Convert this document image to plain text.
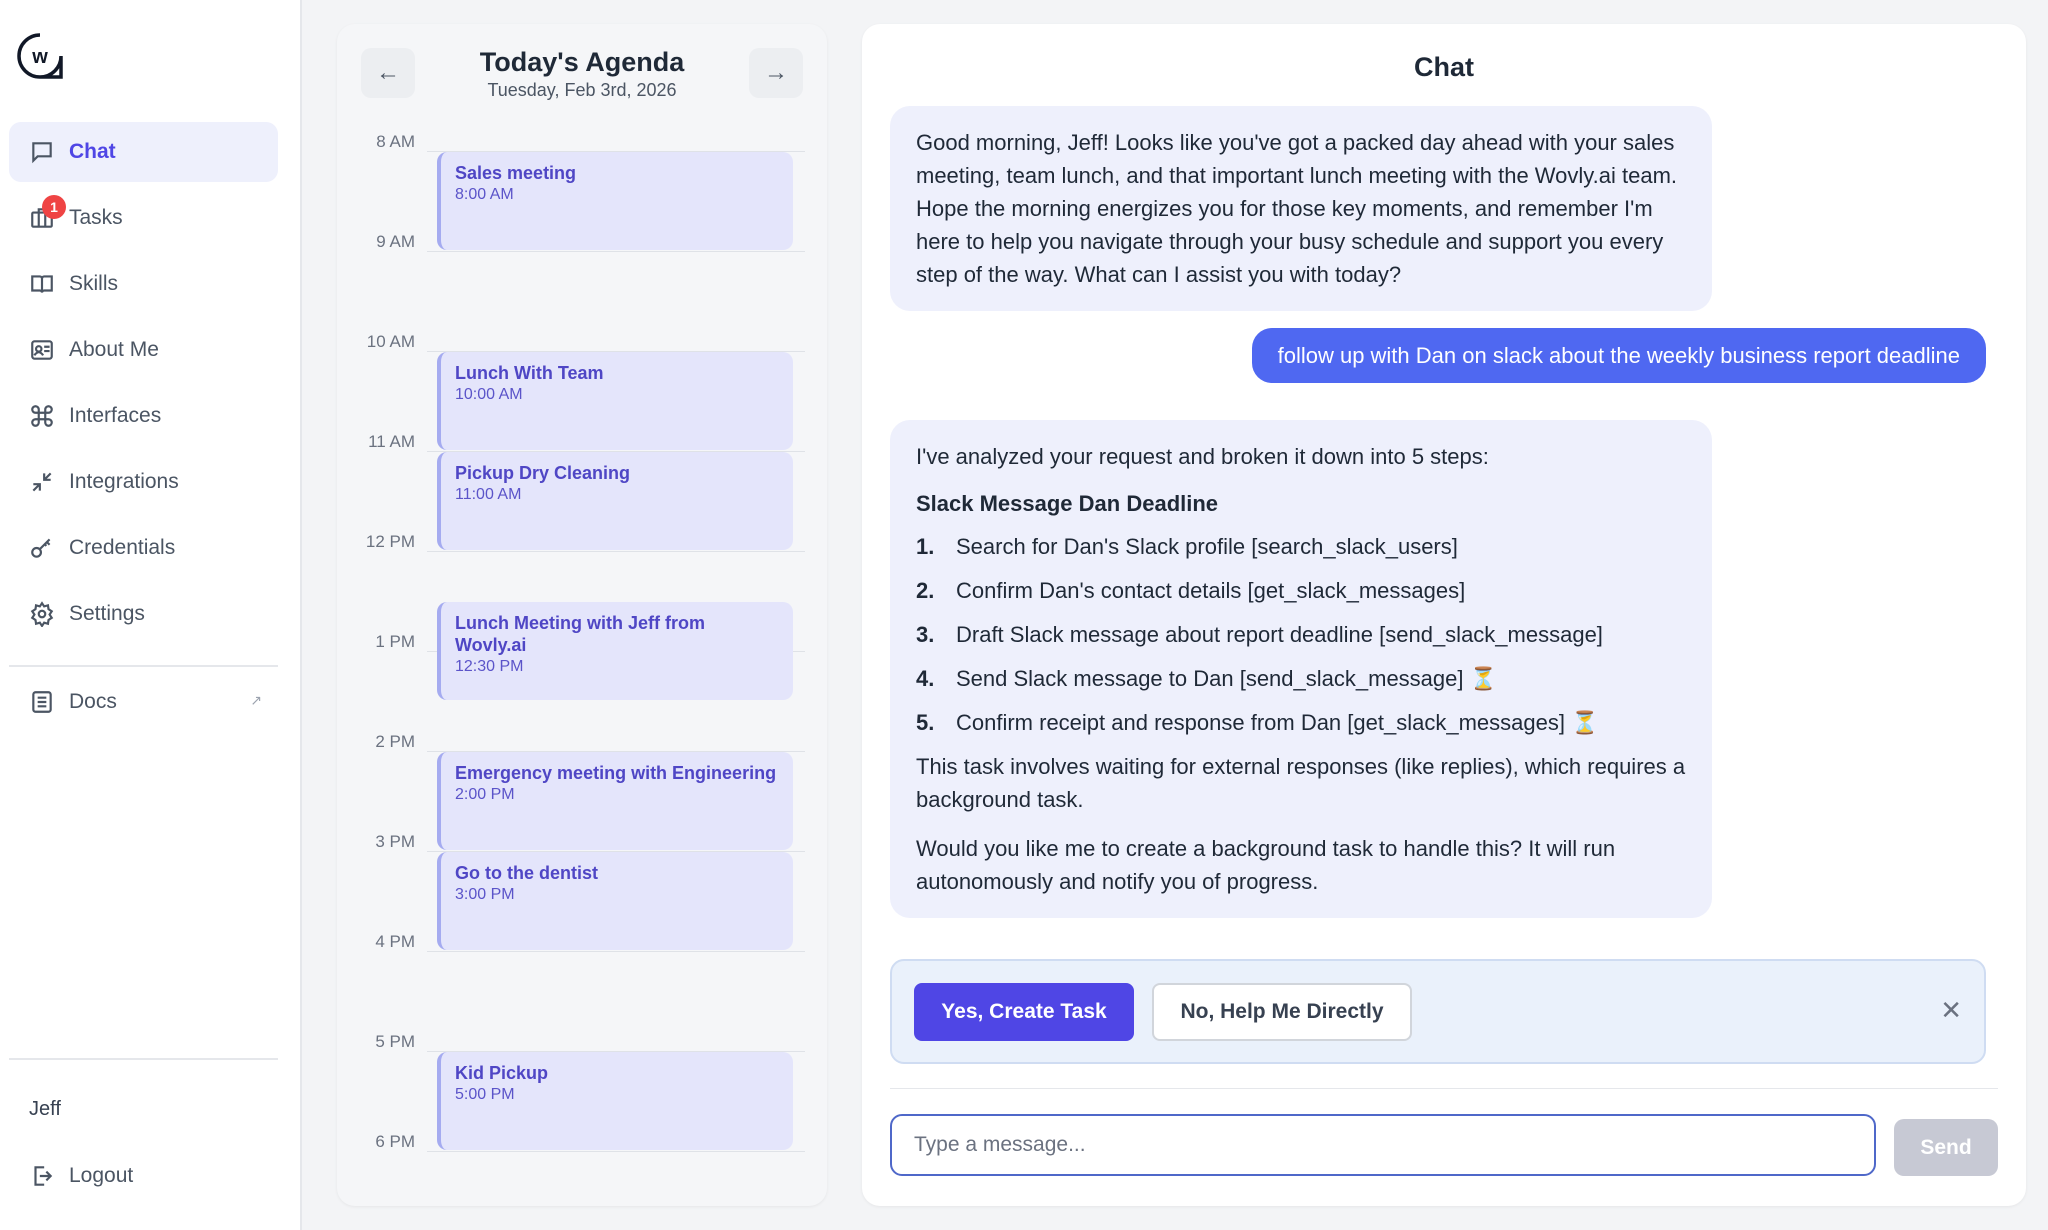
w
Chat
1 Tasks
Skills
About Me
Interfaces
Integrations
Credentials
Settings
Docs	↗
Jeff
Logout
←	Today's Agenda
Tuesday, Feb 3rd, 2026
→
8 AM
9 AM
10 AM
11 AM
12 PM
1 PM
2 PM
3 PM
4 PM
5 PM
6 PM
Sales meeting
8:00 AM
Lunch With Team
10:00 AM
Pickup Dry Cleaning
11:00 AM
Lunch Meeting with Jeff from Wovly.ai
12:30 PM
Emergency meeting with Engineering
2:00 PM
Go to the dentist
3:00 PM
Kid Pickup
5:00 PM
Chat
Good morning, Jeff! Looks like you've got a packed day ahead with your sales meeting, team lunch, and that important lunch meeting with the Wovly.ai team. Hope the morning energizes you for those key moments, and remember I'm here to help you navigate through your busy schedule and support you every step of the way. What can I assist you with today?
follow up with Dan on slack about the weekly business report deadline
I've analyzed your request and broken it down into 5 steps:
Slack Message Dan Deadline
1. Search for Dan's Slack profile [search_slack_users]
2. Confirm Dan's contact details [get_slack_messages]
3. Draft Slack message about report deadline [send_slack_message]
4. Send Slack message to Dan [send_slack_message] ⏳
5. Confirm receipt and response from Dan [get_slack_messages] ⏳
This task involves waiting for external responses (like replies), which requires a background task.
Would you like me to create a background task to handle this? It will run autonomously and notify you of progress.
Yes, Create Task	No, Help Me Directly	✕
Type a message...
Send
